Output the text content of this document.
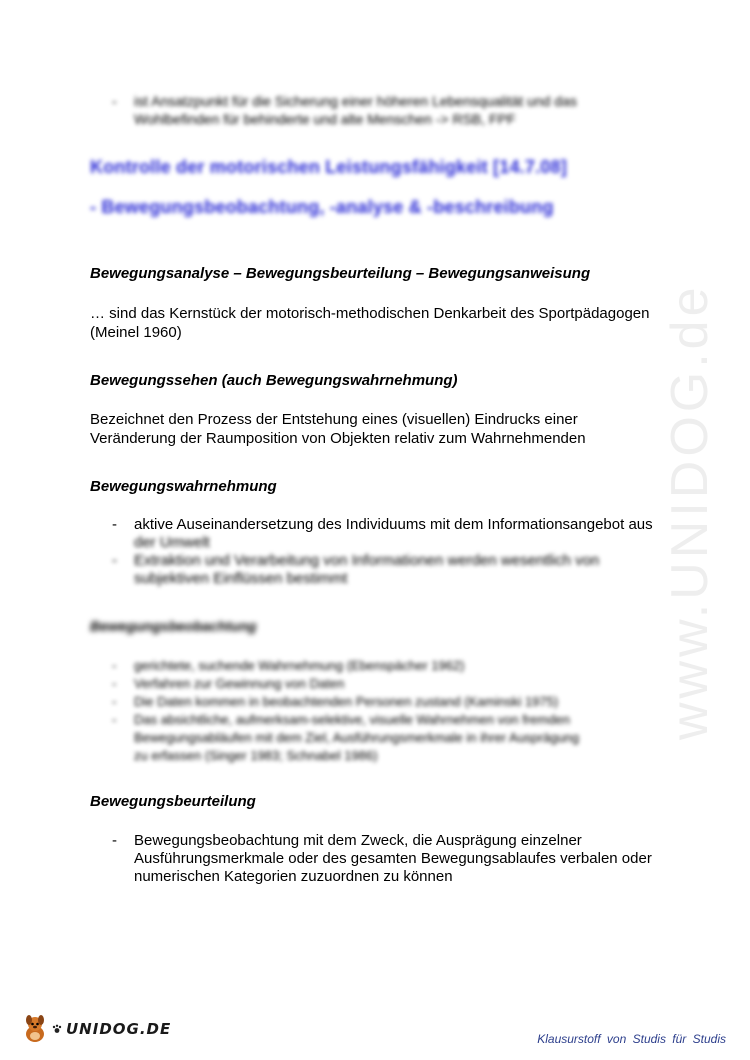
www.UNIDOG.de
-	ist Ansatzpunkt für die Sicherung einer höheren Lebensqualität und das
Wohlbefinden für behinderte und alte Menschen -> RSB, FPF
Kontrolle der motorischen Leistungsfähigkeit [14.7.08]
- Bewegungsbeobachtung, -analyse & -beschreibung
Bewegungsanalyse – Bewegungsbeurteilung – Bewegungsanweisung
… sind das Kernstück der motorisch-methodischen Denkarbeit des Sportpädagogen
(Meinel 1960)
Bewegungssehen (auch Bewegungswahrnehmung)
Bezeichnet den Prozess der Entstehung eines (visuellen) Eindrucks einer
Veränderung der Raumposition von Objekten relativ zum Wahrnehmenden
Bewegungswahrnehmung
-	aktive Auseinandersetzung des Individuums mit dem Informationsangebot aus
der Umwelt
-	Extraktion und Verarbeitung von Informationen werden wesentlich von
subjektiven Einflüssen bestimmt
Bewegungsbeobachtung
-	gerichtete, suchende Wahrnehmung (Ebenspächer 1962)
-	Verfahren zur Gewinnung von Daten
-	Die Daten kommen in beobachtenden Personen zustand (Kaminski 1975)
-	Das absichtliche, aufmerksam-selektive, visuelle Wahrnehmen von fremden
Bewegungsabläufen mit dem Ziel, Ausführungsmerkmale in ihrer Ausprägung
zu erfassen (Singer 1983; Schnabel 1986)
Bewegungsbeurteilung
-	Bewegungsbeobachtung mit dem Zweck, die Ausprägung einzelner
Ausführungsmerkmale oder des gesamten Bewegungsablaufes verbalen oder
numerischen Kategorien zuzuordnen zu können
UNIDOG.DE
Klausurstoff von Studis für Studis
